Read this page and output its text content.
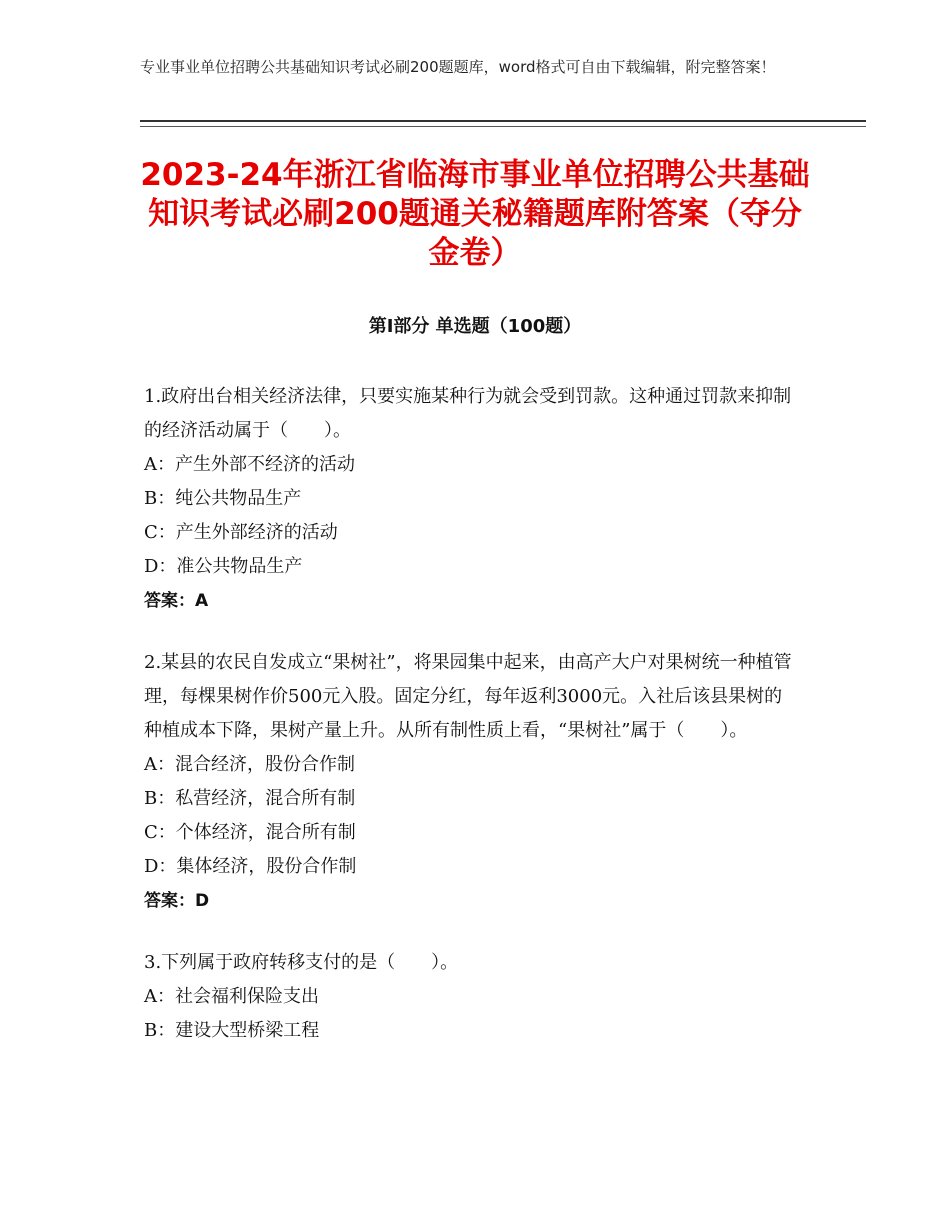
专业事业单位招聘公共基础知识考试必刷200题题库，word格式可自由下载编辑，附完整答案！
2023-24年浙江省临海市事业单位招聘公共基础知识考试必刷200题通关秘籍题库附答案（夺分金卷）
第Ⅰ部分 单选题（100题）

1.政府出台相关经济法律，只要实施某种行为就会受到罚款。这种通过罚款来抑制的经济活动属于（　　）。

A：产生外部不经济的活动

B：纯公共物品生产

C：产生外部经济的活动

D：准公共物品生产

答案：A

2.某县的农民自发成立“果树社”，将果园集中起来，由高产大户对果树统一种植管理，每棵果树作价500元入股。固定分红，每年返利3000元。入社后该县果树的种植成本下降，果树产量上升。从所有制性质上看，“果树社”属于（　　）。

A：混合经济，股份合作制

B：私营经济，混合所有制

C：个体经济，混合所有制

D：集体经济，股份合作制

答案：D

3.下列属于政府转移支付的是（　　）。

A：社会福利保险支出

B：建设大型桥梁工程
